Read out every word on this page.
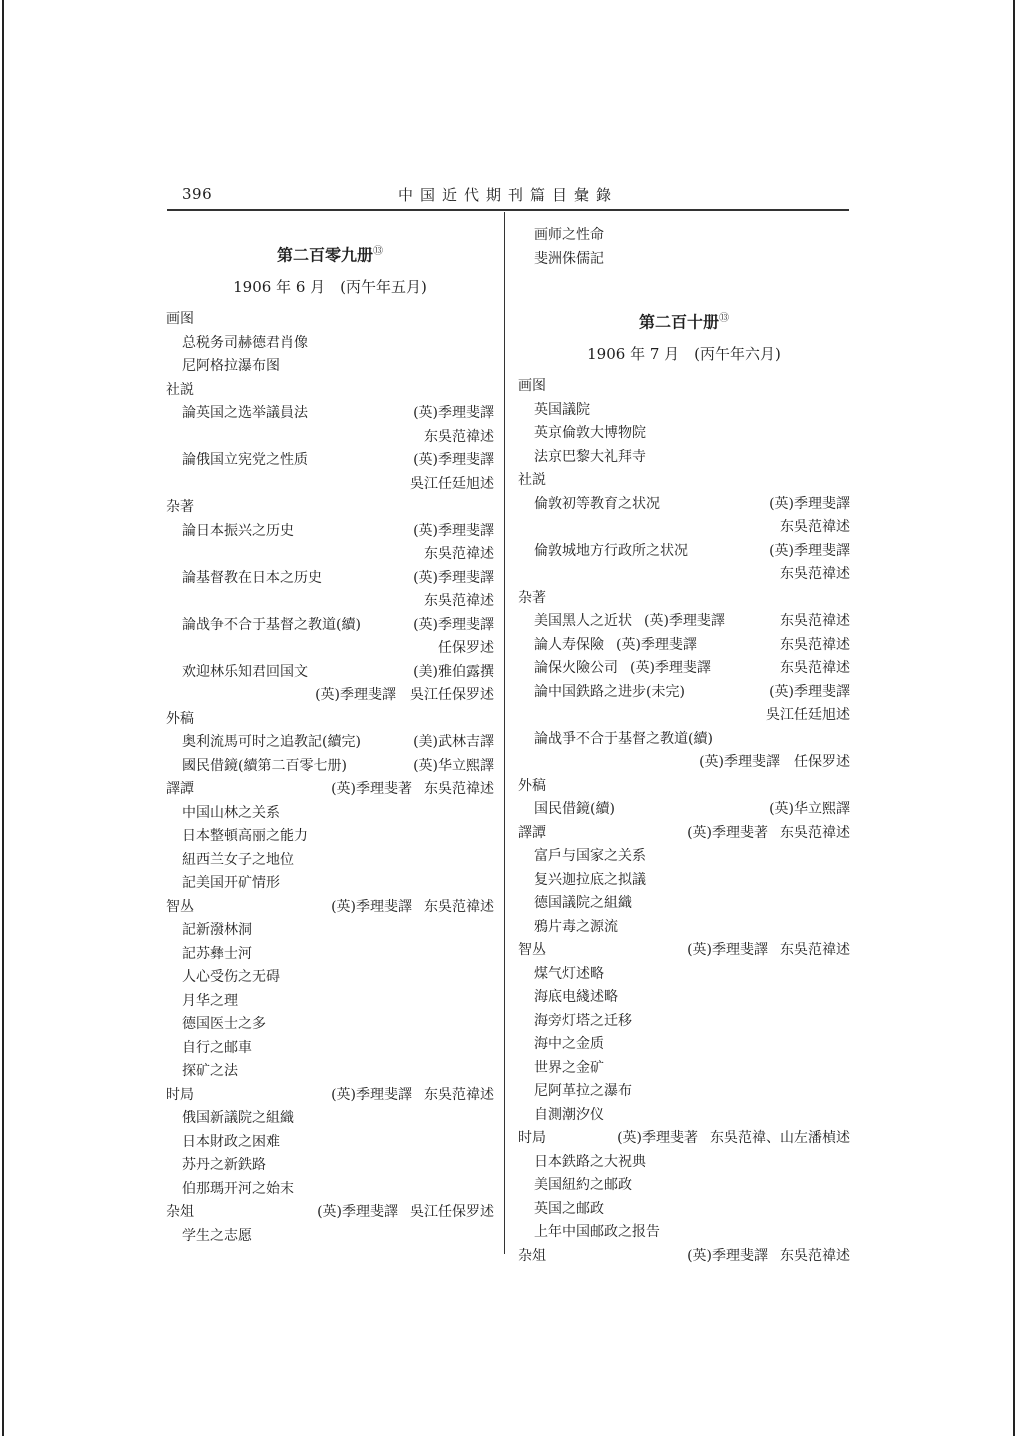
396	中国近代期刊篇目彙錄
第二百零九册⑬
1906 年 6 月　(丙午年五月)
画图
总税务司赫德君肖像
尼阿格拉瀑布图
社説
論英国之选举議員法	(英)季理斐譯
东吳范禕述
論俄国立宪党之性质	(英)季理斐譯
吳江任廷旭述
杂著
論日本振兴之历史	(英)季理斐譯
东吳范禕述
論基督教在日本之历史	(英)季理斐譯
东吳范禕述
論战争不合于基督之教道(續)	(英)季理斐譯
任保罗述
欢迎林乐知君回国文	(美)雅伯露撰
(英)季理斐譯　吳江任保罗述
外稿
奥利流馬可时之追教記(續完)	(美)武林吉譯
國民借鏡(續第二百零七册)	(英)华立熙譯
譯譚	(英)季理斐著 东吳范禕述
中国山林之关系
日本整頓高丽之能力
紐西兰女子之地位
記美国开矿情形
智丛	(英)季理斐譯 东吳范禕述
記新潑林洞
記苏彝士河
人心受伤之无碍
月华之理
德国医士之多
自行之邮車
探矿之法
时局	(英)季理斐譯 东吳范禕述
俄国新議院之組織
日本財政之困难
苏丹之新鉄路
伯那瑪开河之始末
杂俎	(英)季理斐譯 吳江任保罗述
学生之志愿
画师之性命
斐洲侏儒記
第二百十册⑬
1906 年 7 月　(丙午年六月)
画图
英国議院
英京倫敦大博物院
法京巴黎大礼拜寺
社説
倫敦初等教育之状况	(英)季理斐譯
东吳范禕述
倫敦城地方行政所之状况	(英)季理斐譯
东吳范禕述
杂著
美国黑人之近状 (英)季理斐譯	东吳范禕述
論人寿保險 (英)季理斐譯	东吳范禕述
論保火險公司 (英)季理斐譯	东吳范禕述
論中国鉄路之进步(未完)	(英)季理斐譯
吳江任廷旭述
論战爭不合于基督之教道(續)
(英)季理斐譯　任保罗述
外稿
国民借鏡(續)	(英)华立熙譯
譯譚	(英)季理斐著 东吳范禕述
富戶与国家之关系
复兴迦拉底之拟議
德国議院之組織
鴉片毒之源流
智丛	(英)季理斐譯 东吳范禕述
煤气灯述略
海底电綫述略
海旁灯塔之迁移
海中之金质
世界之金矿
尼阿革拉之瀑布
自測潮汐仪
时局	(英)季理斐著 东吳范禕、山左潘楨述
日本鉄路之大祝典
美国紐約之邮政
英国之邮政
上年中国邮政之报告
杂俎	(英)季理斐譯 东吳范禕述
